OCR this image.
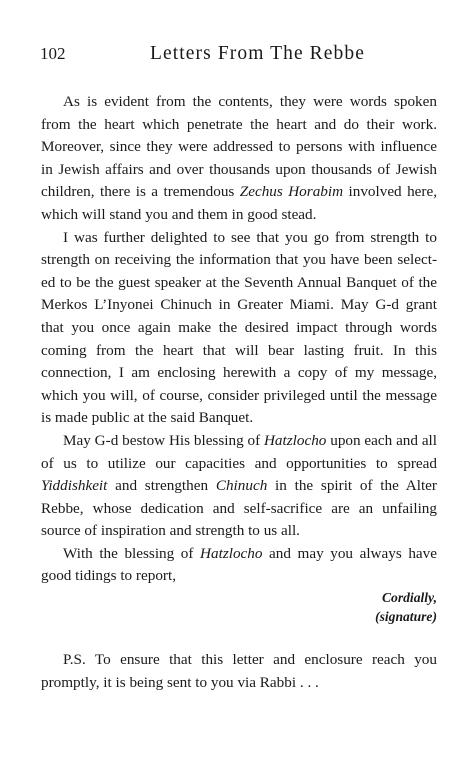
102	Letters From The Rebbe

As is evident from the contents, they were words spoken from the heart which penetrate the heart and do their work. Moreover, since they were addressed to persons with influence in Jewish affairs and over thousands upon thousands of Jewish children, there is a tremendous Zechus Horabim involved here, which will stand you and them in good stead.

I was further delighted to see that you go from strength to strength on receiving the information that you have been selected to be the guest speaker at the Seventh Annual Banquet of the Merkos L’Inyonei Chinuch in Greater Miami. May G-d grant that you once again make the desired impact through words coming from the heart that will bear lasting fruit. In this connection, I am enclosing herewith a copy of my message, which you will, of course, consider privileged until the message is made public at the said Banquet.

May G-d bestow His blessing of Hatzlocho upon each and all of us to utilize our capacities and opportunities to spread Yiddishkeit and strengthen Chinuch in the spirit of the Alter Rebbe, whose dedication and self-sacrifice are an unfailing source of inspiration and strength to us all.

With the blessing of Hatzlocho and may you always have good tidings to report,

Cordially,
(signature)

P.S. To ensure that this letter and enclosure reach you promptly, it is being sent to you via Rabbi . . .
